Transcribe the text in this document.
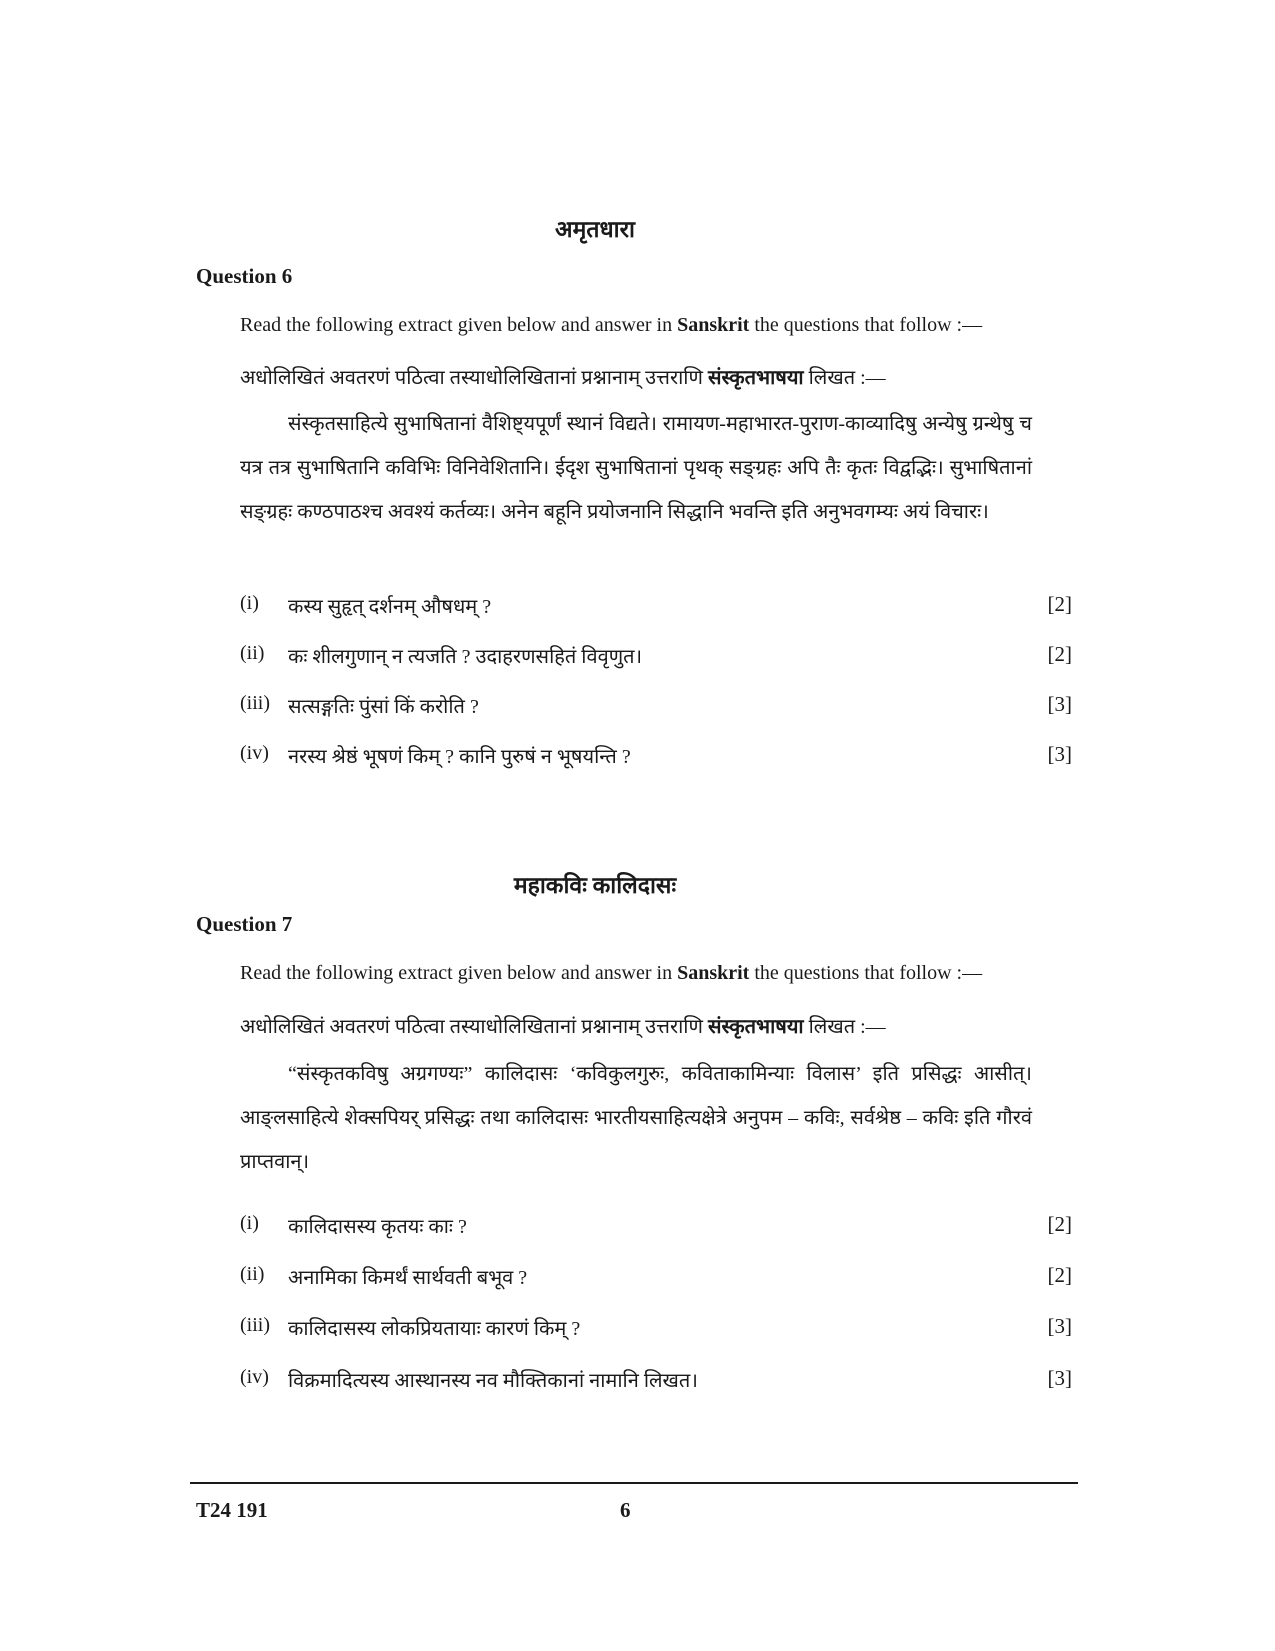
अमृतधारा
Question 6
Read the following extract given below and answer in Sanskrit the questions that follow :—
अधोलिखितं अवतरणं पठित्वा तस्याधोलिखितानां प्रश्नानाम् उत्तराणि संस्कृतभाषया लिखत :—
संस्कृतसाहित्ये सुभाषितानां वैशिष्ट्यपूर्णं स्थानं विद्यते। रामायण-महाभारत-पुराण-काव्यादिषु अन्येषु ग्रन्थेषु च यत्र तत्र सुभाषितानि कविभिः विनिवेशितानि। ईदृश सुभाषितानां पृथक् सङ्ग्रहः अपि तैः कृतः विद्वद्भिः। सुभाषितानां सङ्ग्रहः कण्ठपाठश्च अवश्यं कर्तव्यः। अनेन बहूनि प्रयोजनानि सिद्धानि भवन्ति इति अनुभवगम्यः अयं विचारः।
(i) कस्य सुहृत् दर्शनम् औषधम् ?	[2]
(ii) कः शीलगुणान् न त्यजति ? उदाहरणसहितं विवृणुत।	[2]
(iii) सत्सङ्गतिः पुंसां किं करोति ?	[3]
(iv) नरस्य श्रेष्ठं भूषणं किम् ? कानि पुरुषं न भूषयन्ति ?	[3]
महाकविः कालिदासः
Question 7
Read the following extract given below and answer in Sanskrit the questions that follow :—
अधोलिखितं अवतरणं पठित्वा तस्याधोलिखितानां प्रश्नानाम् उत्तराणि संस्कृतभाषया लिखत :—
“संस्कृतकविषु अग्रगण्यः” कालिदासः ‘कविकुलगुरुः, कविताकामिन्याः विलास’ इति प्रसिद्धः आसीत्। आङ्लसाहित्ये शेक्सपियर् प्रसिद्धः तथा कालिदासः भारतीयसाहित्यक्षेत्रे अनुपम – कविः, सर्वश्रेष्ठ – कविः इति गौरवं प्राप्तवान्।
(i) कालिदासस्य कृतयः काः ?	[2]
(ii) अनामिका किमर्थं सार्थवती बभूव ?	[2]
(iii) कालिदासस्य लोकप्रियतायाः कारणं किम् ?	[3]
(iv) विक्रमादित्यस्य आस्थानस्य नव मौक्तिकानां नामानि लिखत।	[3]
T24 191	6
